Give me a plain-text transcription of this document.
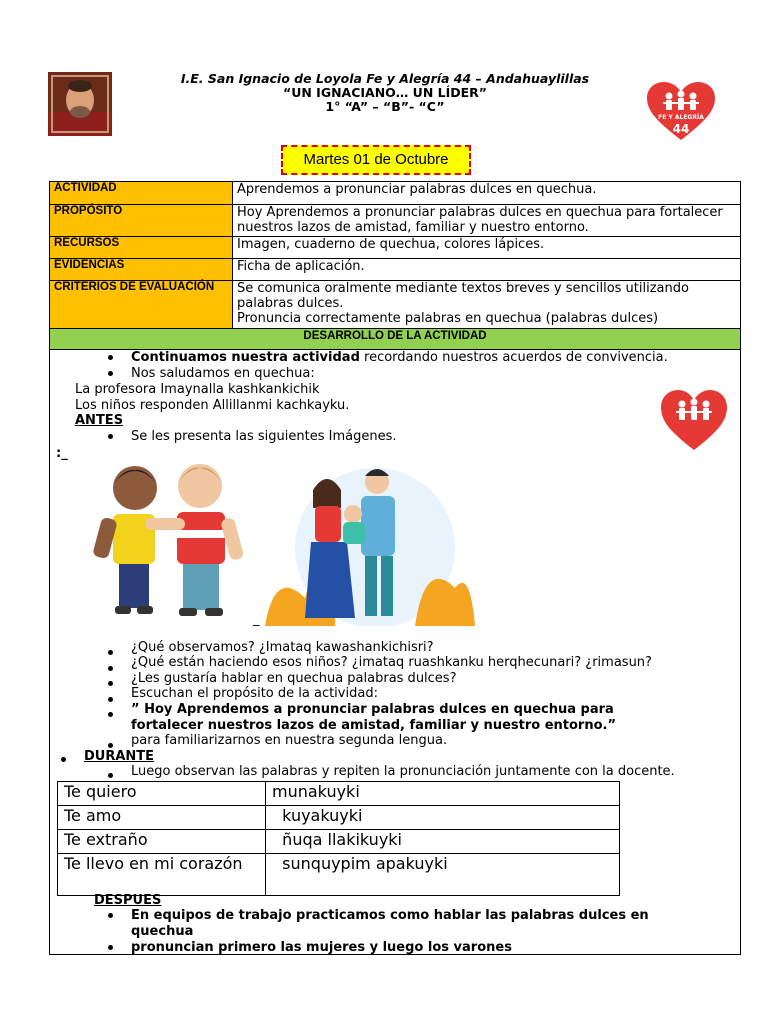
I.E. San Ignacio de Loyola Fe y Alegría 44 – Andahuaylillas
“UN IGNACIANO… UN LÍDER”
1° “A” – “B”- “C”
FE Y ALEGRÍA
44
Martes 01 de Octubre
ACTIVIDAD	Aprendemos a pronunciar palabras dulces en quechua.
PROPÓSITO	Hoy Aprendemos a pronunciar palabras dulces en quechua para fortalecer nuestros lazos de amistad, familiar y nuestro entorno.
RECURSOS	Imagen, cuaderno de quechua, colores lápices.
EVIDENCIAS	Ficha de aplicación.
CRITERIOS DE EVALUACIÓN	Se comunica oralmente mediante textos breves y sencillos utilizando palabras dulces.
Pronuncia correctamente palabras en quechua (palabras dulces)

DESARROLLO DE LA ACTIVIDAD	
Continuamos nuestra actividad recordando nuestros acuerdos de convivencia.
Nos saludamos en quechua:
La profesora Imaynalla kashkankichik
Los niños responden Allillanmi kachkayku.
ANTES
Se les presenta las siguientes Imágenes.
:_
_
¿Qué observamos? ¿Imataq kawashankichisri?
¿Qué están haciendo esos niños? ¿imataq ruashkanku herqhecunari? ¿rimasun?
¿Les gustaría hablar en quechua palabras dulces?
Escuchan el propósito de la actividad:
” Hoy Aprendemos a pronunciar palabras dulces en quechua para
fortalecer nuestros lazos de amistad, familiar y nuestro entorno.”
para familiarizarnos en nuestra segunda lengua.
DURANTE
Luego observan las palabras y repiten la pronunciación juntamente con la docente.
Te quiero	munakuyki
Te amo	kuyakuyki
Te extraño	ñuqa llakikuyki
Te llevo en mi corazón	sunquypim apakuyki
DESPUES
En equipos de trabajo practicamos como hablar las palabras dulces en
quechua
pronuncian primero las mujeres y luego los varones
